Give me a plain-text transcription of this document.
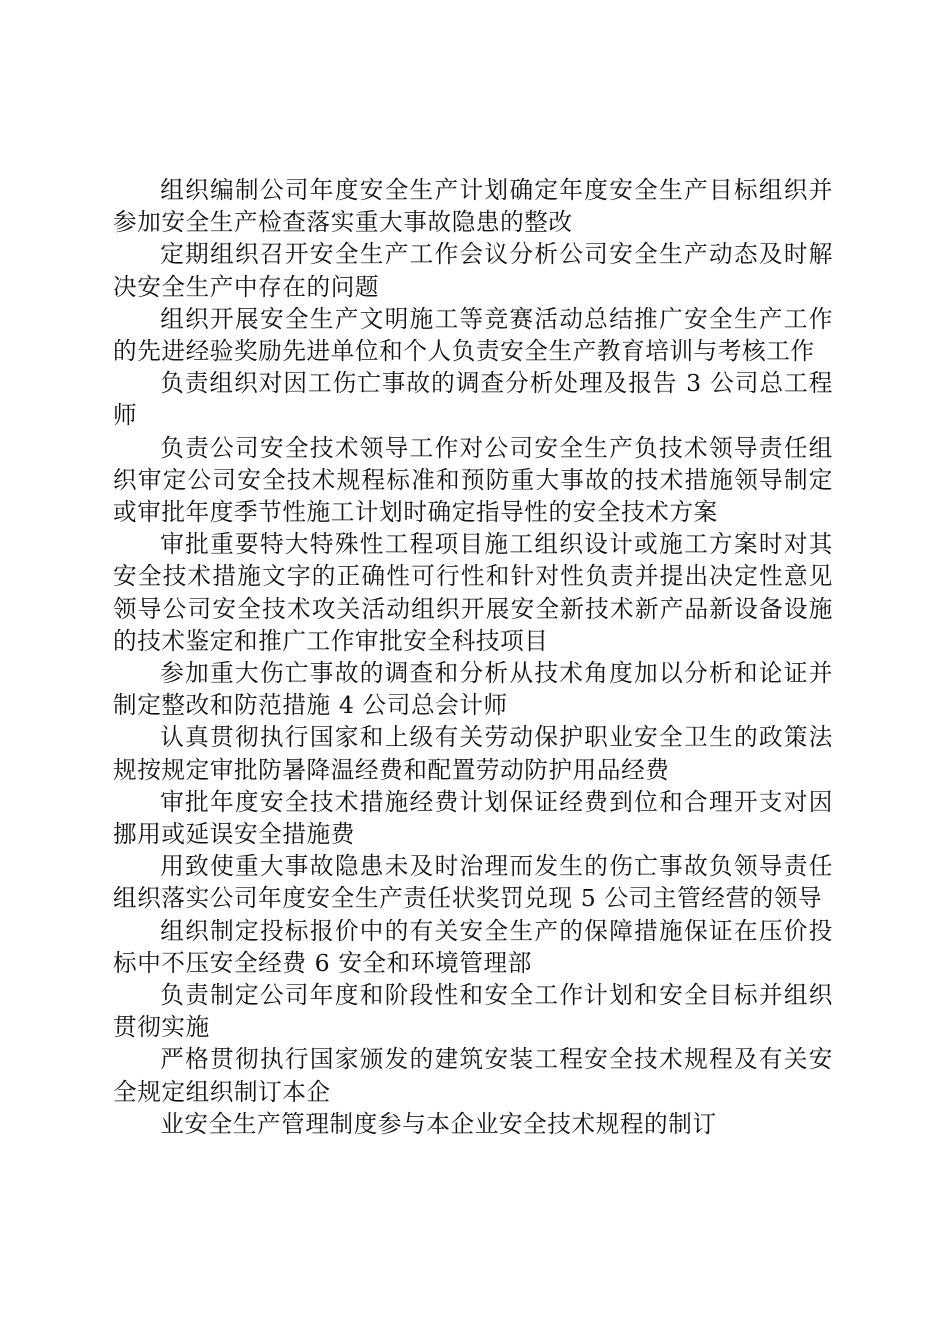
组织编制公司年度安全生产计划确定年度安全生产目标组织并参加安全生产检查落实重大事故隐患的整改

定期组织召开安全生产工作会议分析公司安全生产动态及时解决安全生产中存在的问题

组织开展安全生产文明施工等竞赛活动总结推广安全生产工作的先进经验奖励先进单位和个人负责安全生产教育培训与考核工作

负责组织对因工伤亡事故的调查分析处理及报告 3 公司总工程师

负责公司安全技术领导工作对公司安全生产负技术领导责任组织审定公司安全技术规程标准和预防重大事故的技术措施领导制定或审批年度季节性施工计划时确定指导性的安全技术方案

审批重要特大特殊性工程项目施工组织设计或施工方案时对其安全技术措施文字的正确性可行性和针对性负责并提出决定性意见领导公司安全技术攻关活动组织开展安全新技术新产品新设备设施的技术鉴定和推广工作审批安全科技项目

参加重大伤亡事故的调查和分析从技术角度加以分析和论证并制定整改和防范措施 4 公司总会计师

认真贯彻执行国家和上级有关劳动保护职业安全卫生的政策法规按规定审批防暑降温经费和配置劳动防护用品经费

审批年度安全技术措施经费计划保证经费到位和合理开支对因挪用或延误安全措施费

用致使重大事故隐患未及时治理而发生的伤亡事故负领导责任组织落实公司年度安全生产责任状奖罚兑现 5 公司主管经营的领导

组织制定投标报价中的有关安全生产的保障措施保证在压价投标中不压安全经费 6 安全和环境管理部

负责制定公司年度和阶段性和安全工作计划和安全目标并组织贯彻实施

严格贯彻执行国家颁发的建筑安装工程安全技术规程及有关安全规定组织制订本企

业安全生产管理制度参与本企业安全技术规程的制订
